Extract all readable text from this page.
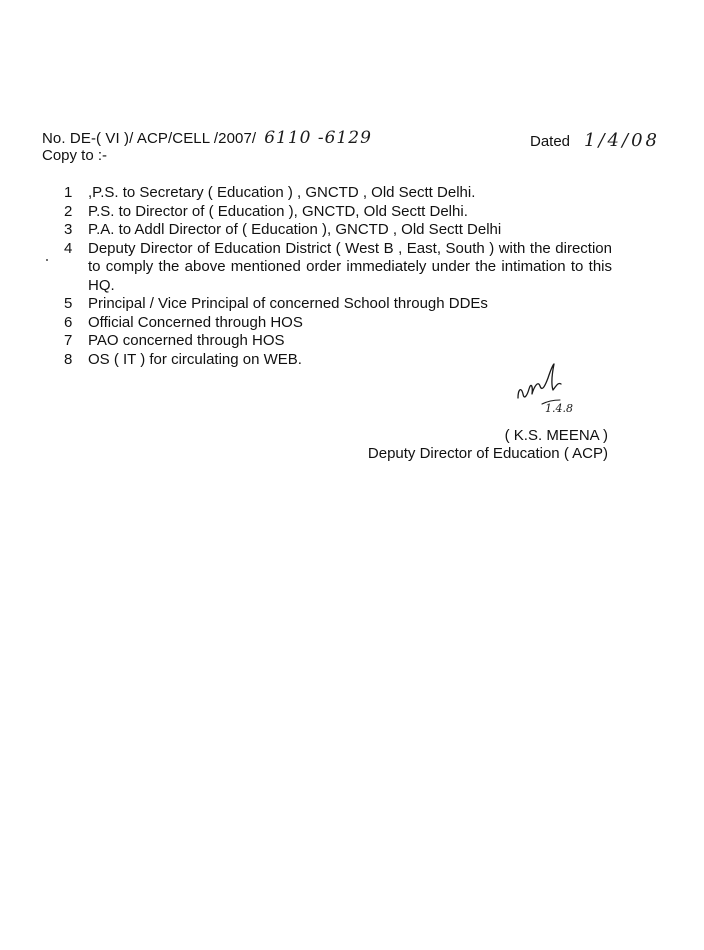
No. DE-( VI )/ ACP/CELL /2007/ 6110 -6129	Dated 1/4/08
Copy to :-
1	,P.S. to Secretary ( Education ) , GNCTD , Old Sectt Delhi.
2	P.S. to Director of ( Education ), GNCTD, Old Sectt Delhi.
3	P.A. to Addl Director of ( Education ), GNCTD , Old Sectt Delhi
4	Deputy Director of Education District ( West B , East, South ) with the direction to comply the above mentioned order immediately under the intimation to this HQ.
5	Principal / Vice Principal of concerned School through DDEs
6	Official Concerned through HOS
7	PAO concerned through HOS
8	OS ( IT ) for circulating on WEB.
1.4.8
( K.S. MEENA )
Deputy Director of Education ( ACP)
